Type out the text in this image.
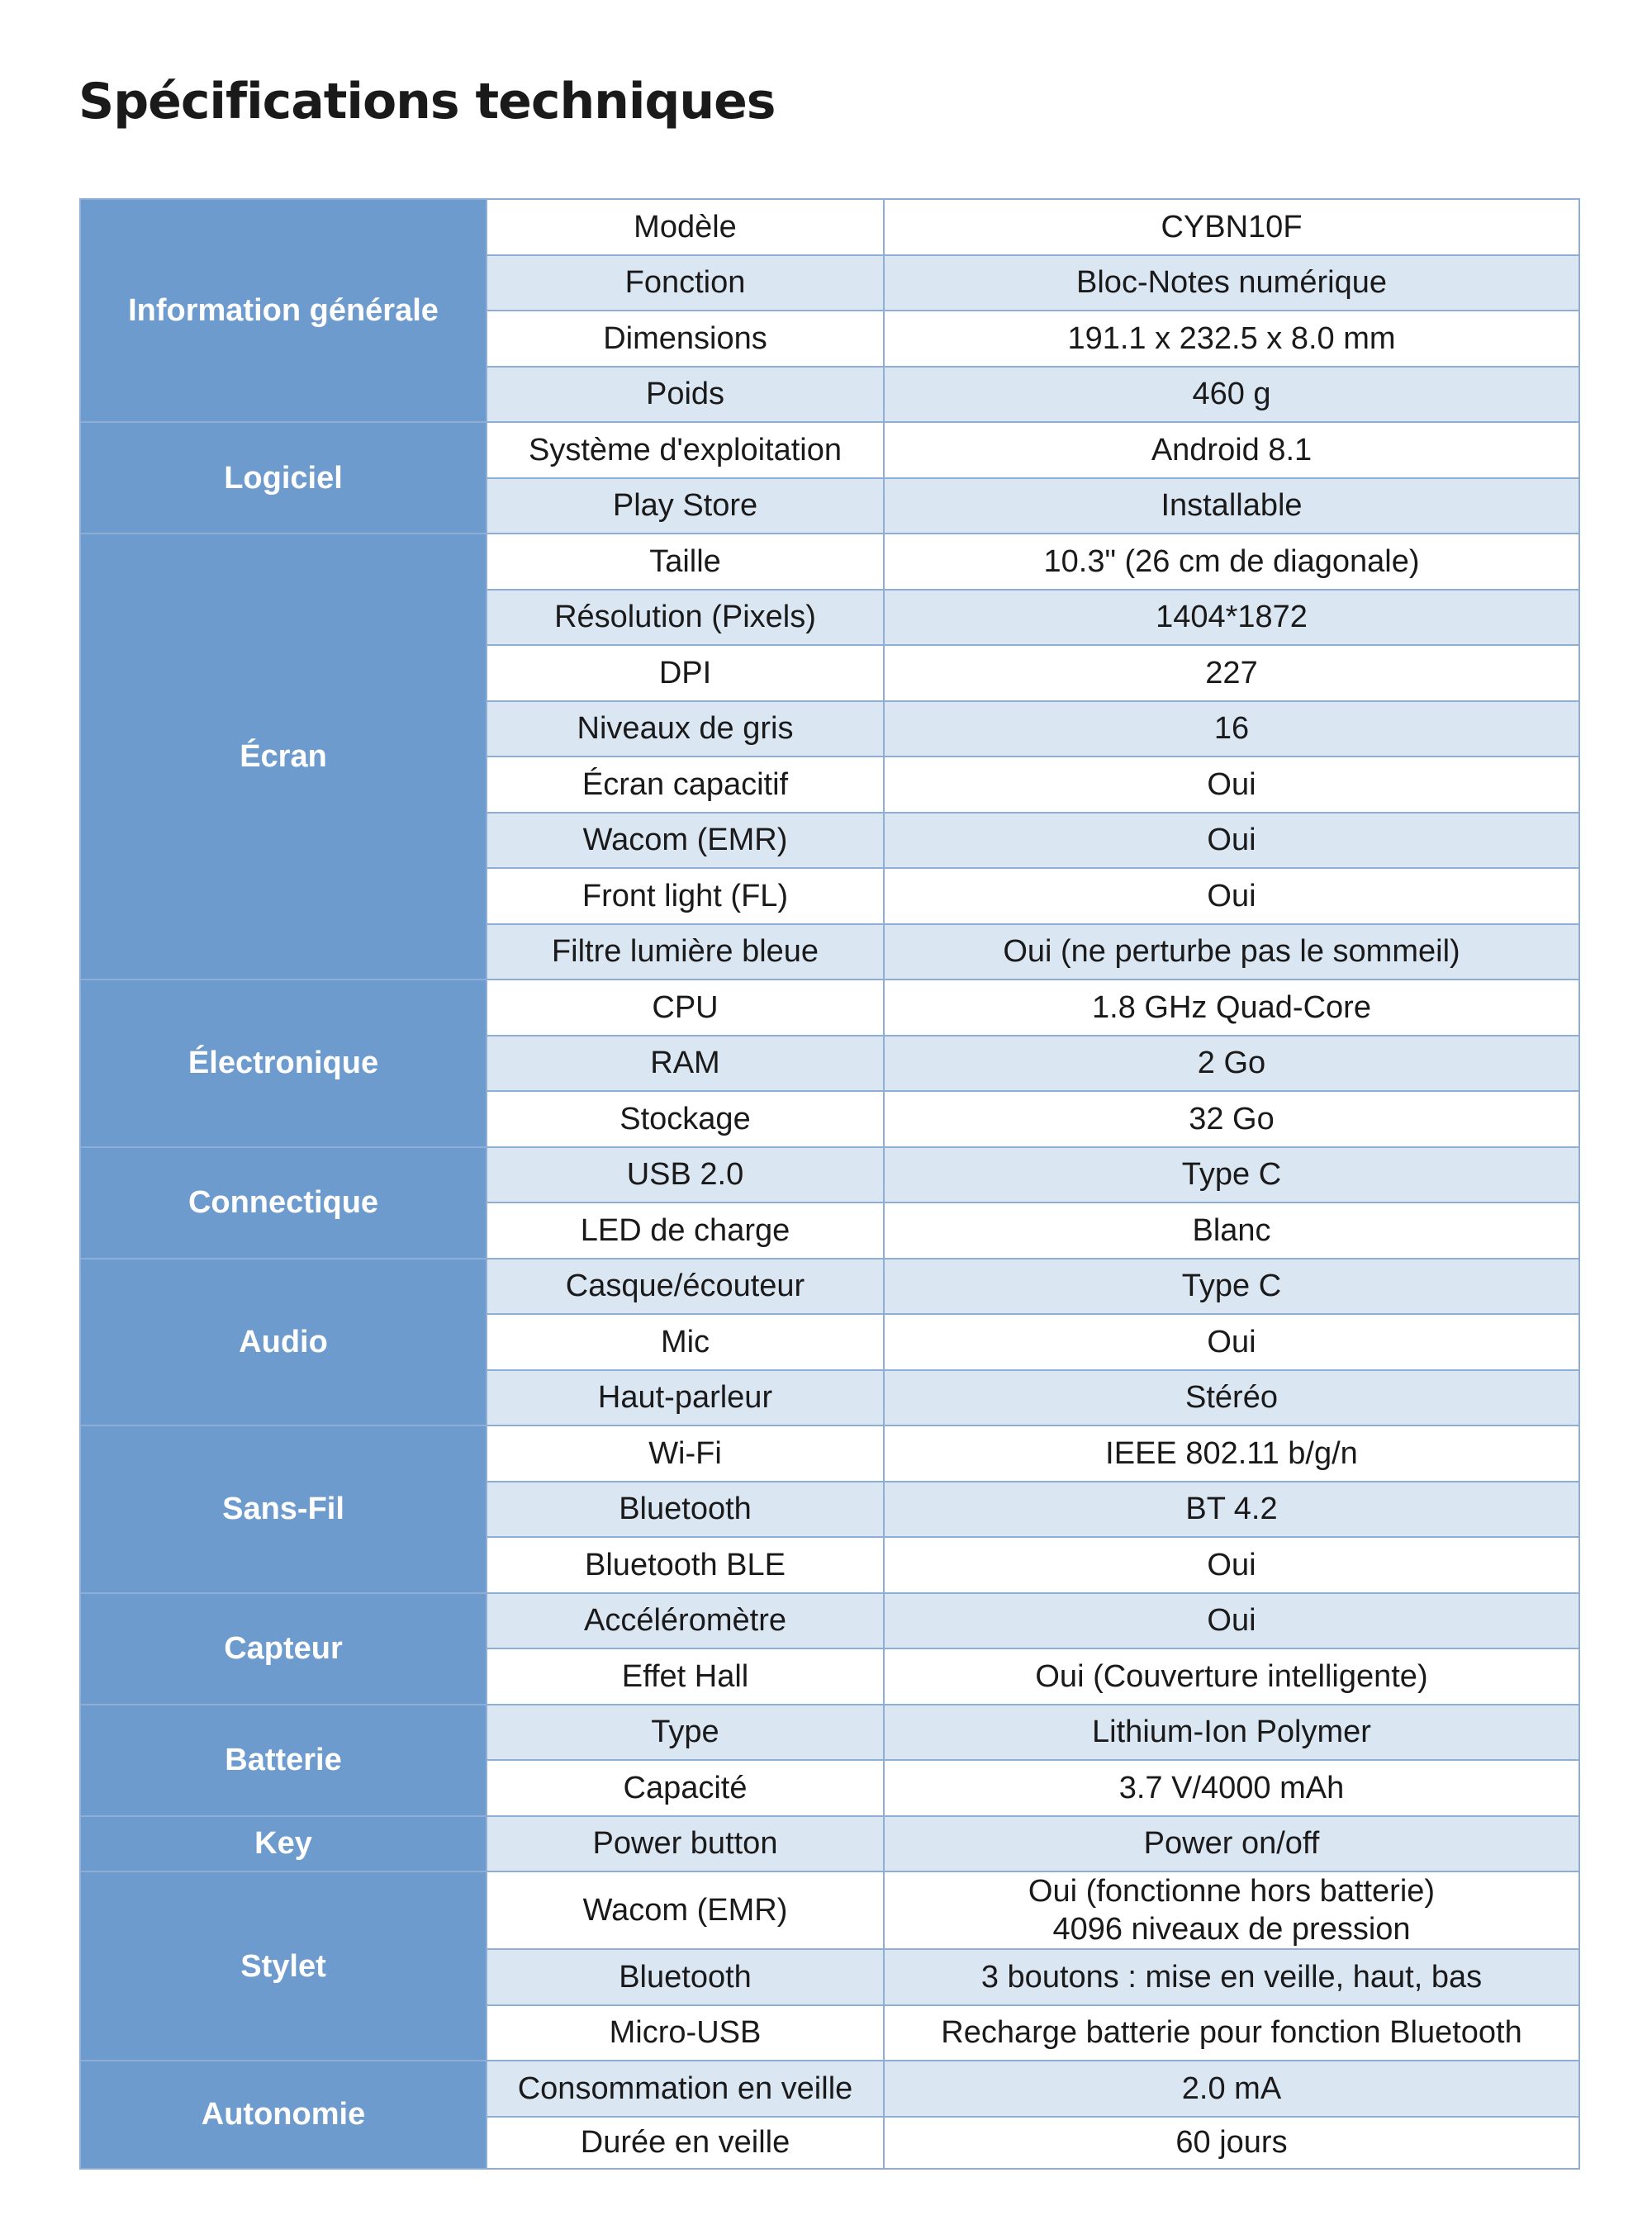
Spécifications techniques
Information générale	Modèle	CYBN10F

	Fonction	Bloc-Notes numérique

	Dimensions	191.1 x 232.5 x 8.0 mm

	Poids	460 g

Logiciel	Système d'exploitation	Android 8.1

	Play Store	Installable

Écran	Taille	10.3" (26 cm de diagonale)

	Résolution (Pixels)	1404*1872

	DPI	227

	Niveaux de gris	16

	Écran capacitif	Oui

	Wacom (EMR)	Oui

	Front light (FL)	Oui

	Filtre lumière bleue	Oui (ne perturbe pas le sommeil)

Électronique	CPU	1.8 GHz Quad-Core

	RAM	2 Go

	Stockage	32 Go

Connectique	USB 2.0	Type C

	LED de charge	Blanc

Audio	Casque/écouteur	Type C

	Mic	Oui

	Haut-parleur	Stéréo

Sans-Fil	Wi-Fi	IEEE 802.11 b/g/n

	Bluetooth	BT 4.2

	Bluetooth BLE	Oui

Capteur	Accéléromètre	Oui

	Effet Hall	Oui (Couverture intelligente)

Batterie	Type	Lithium-Ion Polymer

	Capacité	3.7 V/4000 mAh

Key	Power button	Power on/off

Stylet	Wacom (EMR)	Oui (fonctionne hors batterie)
4096 niveaux de pression

	Bluetooth	3 boutons : mise en veille, haut, bas

	Micro-USB	Recharge batterie pour fonction Bluetooth

Autonomie	Consommation en veille	2.0 mA

	Durée en veille	60 jours
